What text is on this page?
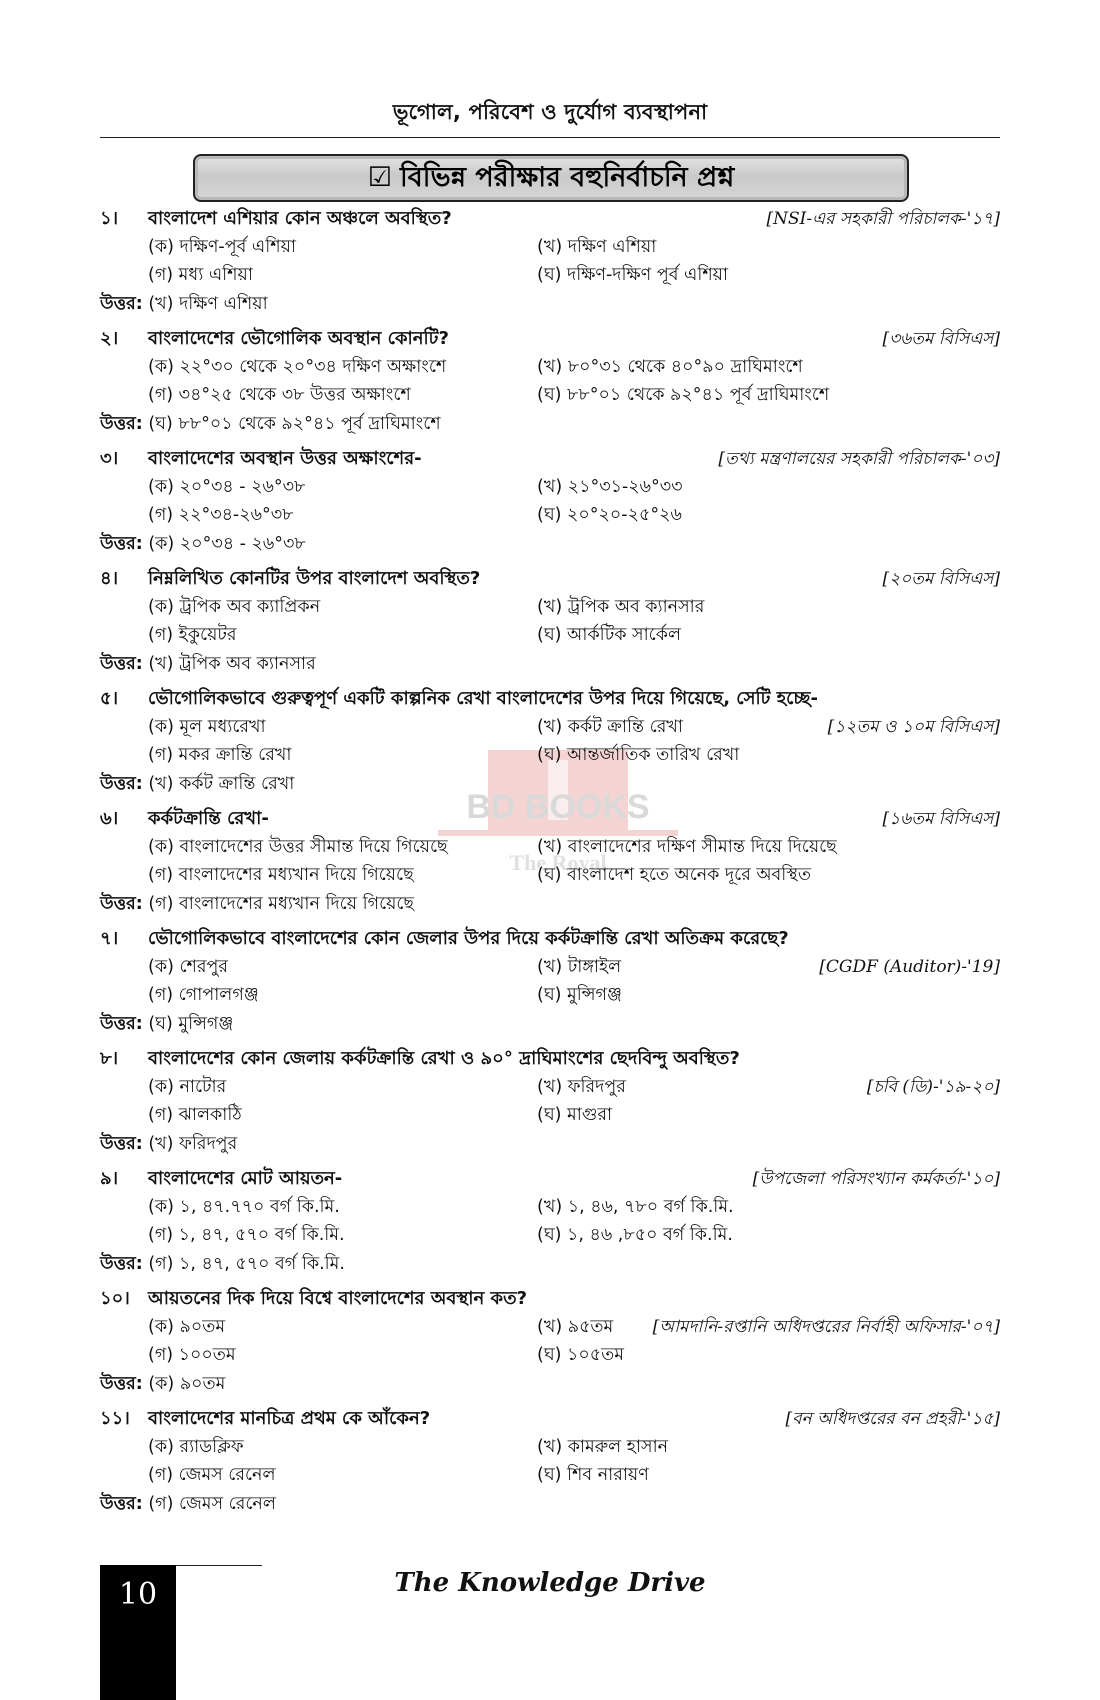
ভূগোল, পরিবেশ ও দুর্যোগ ব্যবস্থাপনা
☑ বিভিন্ন পরীক্ষার বহুনির্বাচনি প্রশ্ন
BD BOOKS
The Royal
১। বাংলাদেশ এশিয়ার কোন অঞ্চলে অবস্থিত?	[NSI-এর সহকারী পরিচালক-'১৭]
(ক) দক্ষিণ-পূর্ব এশিয়া	(খ) দক্ষিণ এশিয়া
(গ) মধ্য এশিয়া	(ঘ) দক্ষিণ-দক্ষিণ পূর্ব এশিয়া
উত্তর: (খ) দক্ষিণ এশিয়া
২। বাংলাদেশের ভৌগোলিক অবস্থান কোনটি?	[৩৬তম বিসিএস]
(ক) ২২°৩০ থেকে ২০°৩৪ দক্ষিণ অক্ষাংশে	(খ) ৮০°৩১ থেকে ৪০°৯০ দ্রাঘিমাংশে
(গ) ৩৪°২৫ থেকে ৩৮ উত্তর অক্ষাংশে	(ঘ) ৮৮°০১ থেকে ৯২°৪১ পূর্ব দ্রাঘিমাংশে
উত্তর: (ঘ) ৮৮°০১ থেকে ৯২°৪১ পূর্ব দ্রাঘিমাংশে
৩। বাংলাদেশের অবস্থান উত্তর অক্ষাংশের-	[তথ্য মন্ত্রণালয়ের সহকারী পরিচালক-'০৩]
(ক) ২০°৩৪ - ২৬°৩৮	(খ) ২১°৩১-২৬°৩৩
(গ) ২২°৩৪-২৬°৩৮	(ঘ) ২০°২০-২৫°২৬
উত্তর: (ক) ২০°৩৪ - ২৬°৩৮
৪। নিম্নলিখিত কোনটির উপর বাংলাদেশ অবস্থিত?	[২০তম বিসিএস]
(ক) ট্রপিক অব ক্যাপ্রিকন	(খ) ট্রপিক অব ক্যানসার
(গ) ইকুয়েটর	(ঘ) আর্কটিক সার্কেল
উত্তর: (খ) ট্রপিক অব ক্যানসার
৫। ভৌগোলিকভাবে গুরুত্বপূর্ণ একটি কাল্পনিক রেখা বাংলাদেশের উপর দিয়ে গিয়েছে, সেটি হচ্ছে-
(ক) মূল মধ্যরেখা	(খ) কর্কট ক্রান্তি রেখা	[১২তম ও ১০ম বিসিএস]
(গ) মকর ক্রান্তি রেখা	(ঘ) আন্তর্জাতিক তারিখ রেখা
উত্তর: (খ) কর্কট ক্রান্তি রেখা
৬। কর্কটক্রান্তি রেখা-	[১৬তম বিসিএস]
(ক) বাংলাদেশের উত্তর সীমান্ত দিয়ে গিয়েছে	(খ) বাংলাদেশের দক্ষিণ সীমান্ত দিয়ে দিয়েছে
(গ) বাংলাদেশের মধ্যখান দিয়ে গিয়েছে	(ঘ) বাংলাদেশ হতে অনেক দূরে অবস্থিত
উত্তর: (গ) বাংলাদেশের মধ্যখান দিয়ে গিয়েছে
৭। ভৌগোলিকভাবে বাংলাদেশের কোন জেলার উপর দিয়ে কর্কটক্রান্তি রেখা অতিক্রম করেছে?
(ক) শেরপুর	(খ) টাঙ্গাইল	[CGDF (Auditor)-'19]
(গ) গোপালগঞ্জ	(ঘ) মুন্সিগঞ্জ
উত্তর: (ঘ) মুন্সিগঞ্জ
৮। বাংলাদেশের কোন জেলায় কর্কটক্রান্তি রেখা ও ৯০° দ্রাঘিমাংশের ছেদবিন্দু অবস্থিত?
(ক) নাটোর	(খ) ফরিদপুর	[চবি (ডি)-'১৯-২০]
(গ) ঝালকাঠি	(ঘ) মাগুরা
উত্তর: (খ) ফরিদপুর
৯। বাংলাদেশের মোট আয়তন-	[উপজেলা পরিসংখ্যান কর্মকর্তা-'১০]
(ক) ১, ৪৭.৭৭০ বর্গ কি.মি.	(খ) ১, ৪৬, ৭৮০ বর্গ কি.মি.
(গ) ১, ৪৭, ৫৭০ বর্গ কি.মি.	(ঘ) ১, ৪৬ ,৮৫০ বর্গ কি.মি.
উত্তর: (গ) ১, ৪৭, ৫৭০ বর্গ কি.মি.
১০। আয়তনের দিক দিয়ে বিশ্বে বাংলাদেশের অবস্থান কত?
(ক) ৯০তম	(খ) ৯৫তম [আমদানি-রপ্তানি অধিদপ্তরের নির্বাহী অফিসার-'০৭]
(গ) ১০০তম	(ঘ) ১০৫তম
উত্তর: (ক) ৯০তম
১১। বাংলাদেশের মানচিত্র প্রথম কে আঁকেন?	[বন অধিদপ্তরের বন প্রহরী-'১৫]
(ক) র‍্যাডক্লিফ	(খ) কামরুল হাসান
(গ) জেমস রেনেল	(ঘ) শিব নারায়ণ
উত্তর: (গ) জেমস রেনেল
10	The Knowledge Drive
